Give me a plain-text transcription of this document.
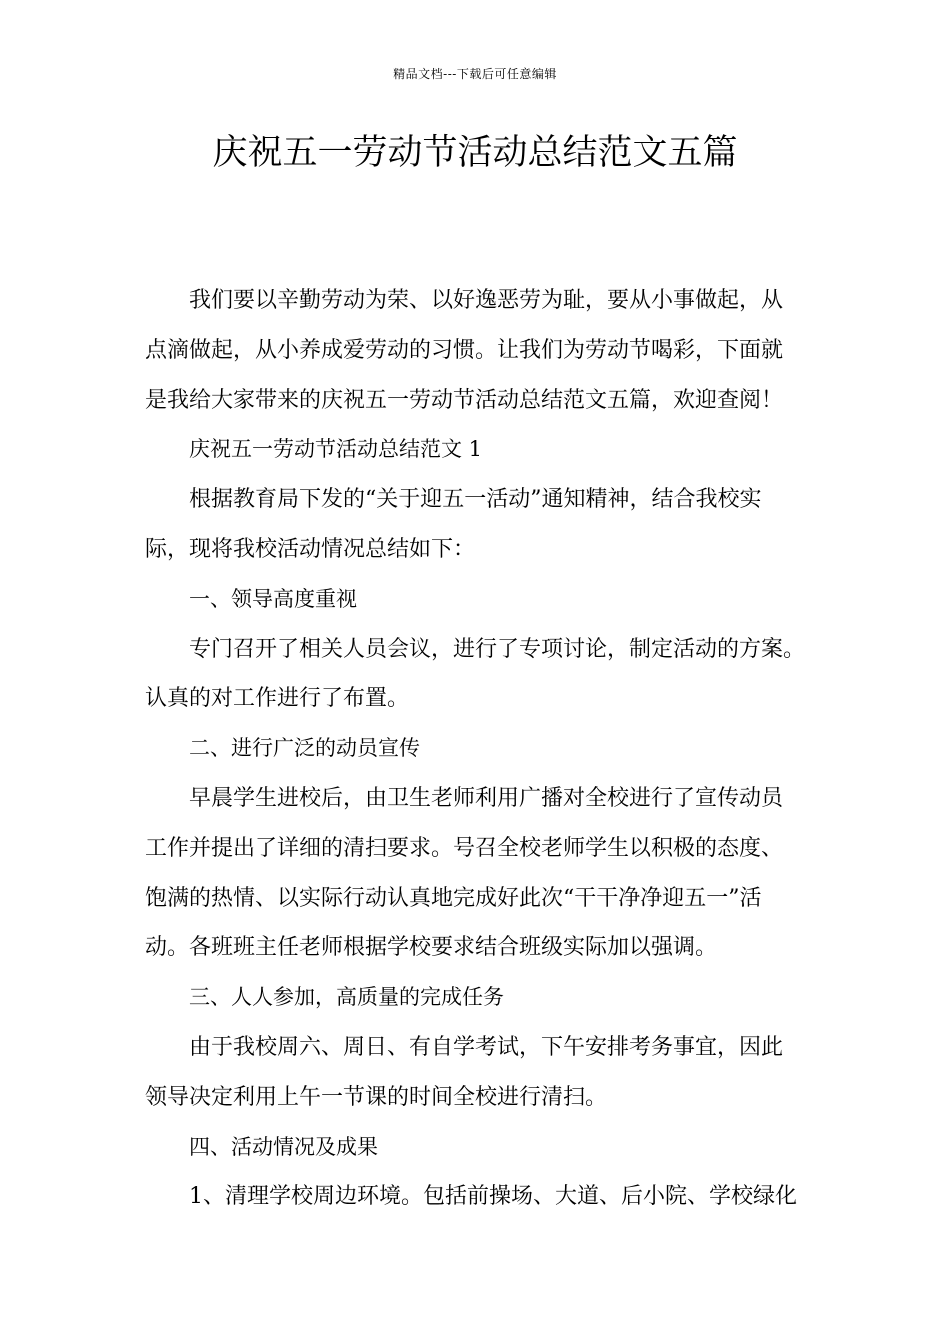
精品文档---下载后可任意编辑
庆祝五一劳动节活动总结范文五篇
我们要以辛勤劳动为荣、以好逸恶劳为耻，要从小事做起，从
点滴做起，从小养成爱劳动的习惯。让我们为劳动节喝彩，下面就
是我给大家带来的庆祝五一劳动节活动总结范文五篇，欢迎查阅！
庆祝五一劳动节活动总结范文 1
根据教育局下发的“关于迎五一活动”通知精神，结合我校实
际，现将我校活动情况总结如下：
一、领导高度重视
专门召开了相关人员会议，进行了专项讨论，制定活动的方案。
认真的对工作进行了布置。
二、进行广泛的动员宣传
早晨学生进校后，由卫生老师利用广播对全校进行了宣传动员
工作并提出了详细的清扫要求。号召全校老师学生以积极的态度、
饱满的热情、以实际行动认真地完成好此次“干干净净迎五一”活
动。各班班主任老师根据学校要求结合班级实际加以强调。
三、人人参加，高质量的完成任务
由于我校周六、周日、有自学考试，下午安排考务事宜，因此
领导决定利用上午一节课的时间全校进行清扫。
四、活动情况及成果
1、清理学校周边环境。包括前操场、大道、后小院、学校绿化
